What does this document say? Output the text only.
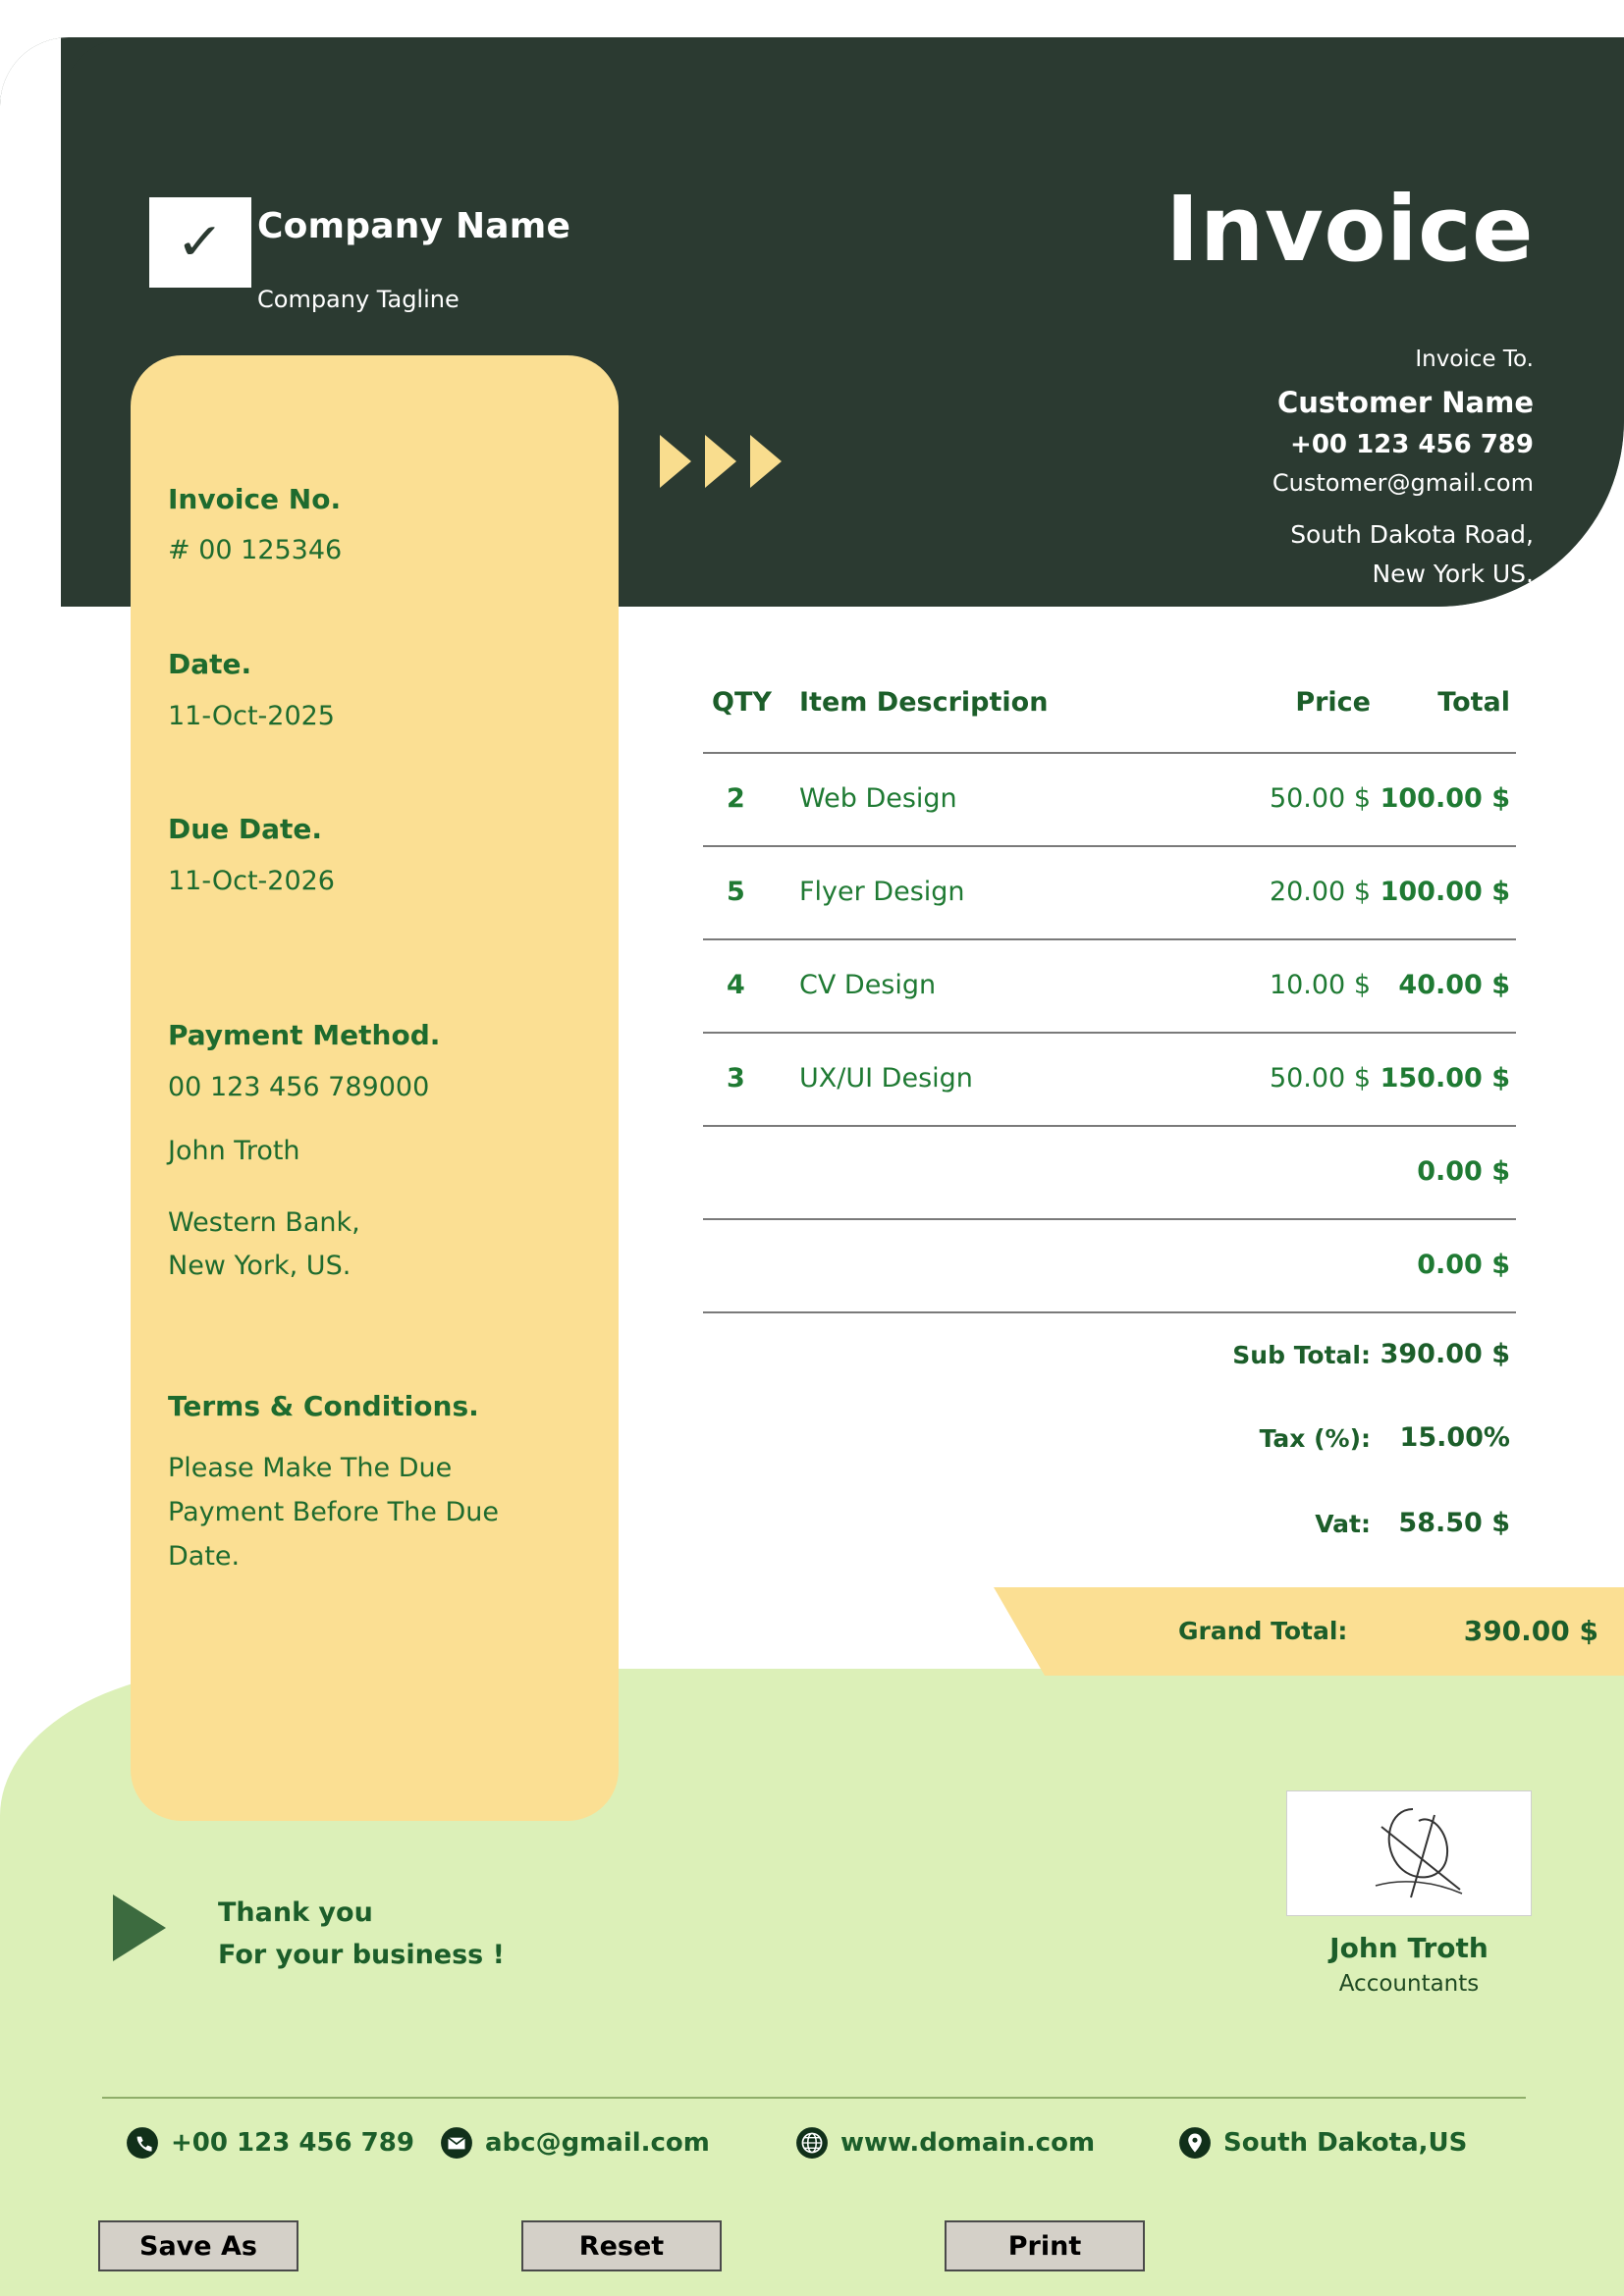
✓ Company Name
Company Tagline
Invoice
Invoice To.
Customer Name
+00 123 456 789
Customer@gmail.com
South Dakota Road,
New York US.
Invoice No.
# 00 125346
Date.
11-Oct-2025
Due Date.
11-Oct-2026
Payment Method.
00 123 456 789000
John Troth
Western Bank,
New York, US.
Terms & Conditions.
Please Make The Due
Payment Before The Due
Date.
QTY Item Description	Price	Total
2 Web Design	50.00 $ 100.00 $
5 Flyer Design	20.00 $ 100.00 $
4 CV Design	10.00 $ 40.00 $
3 UX/UI Design	50.00 $ 150.00 $
0.00 $
0.00 $
Sub Total: 390.00 $
Tax (%): 15.00%
Vat: 58.50 $
Grand Total:	390.00 $
Thank you
For your business !	John Troth
Accountants
+00 123 456 789	abc@gmail.com	www.domain.com	South Dakota,US
Save As	Reset	Print
